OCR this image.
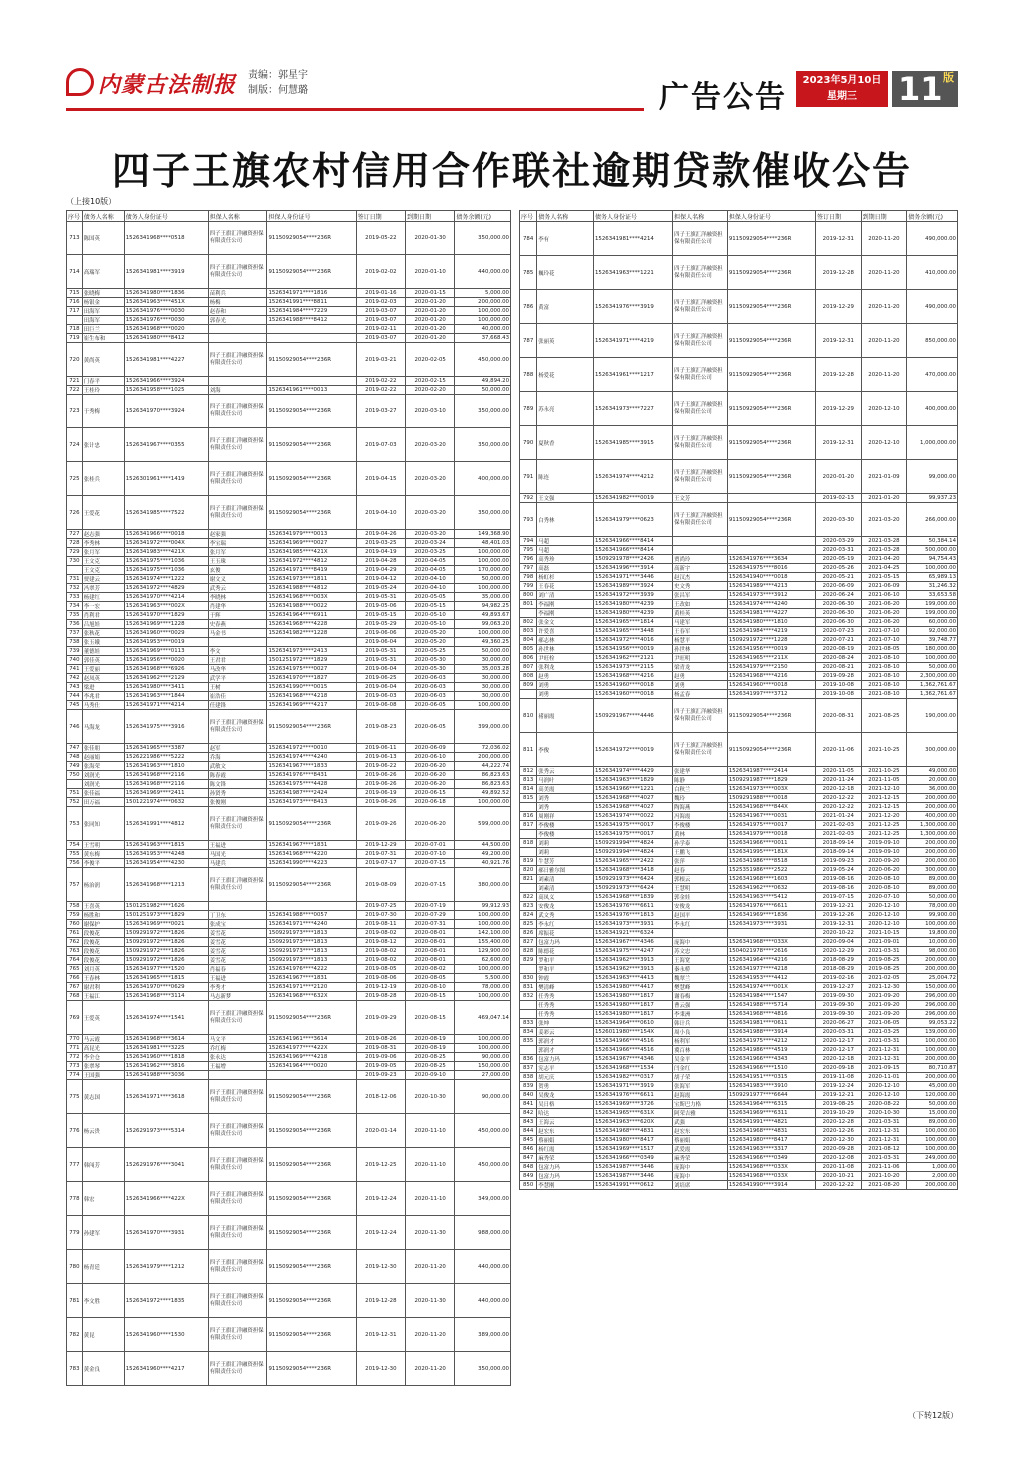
内蒙古法制报 责编：郭星宇
制版：何慧璐	广告公告	2023年5月10日
星期三	11 版
四子王旗农村信用合作联社逾期贷款催收公告
（上接10版）
序号	债务人名称	债务人身份证号	担保人名称	担保人身份证号	签订日期	到期日期	债务余额(元)
713	陈国英	1526341968****0518	四子王旗汇洋融资担保有限责任公司	91150929054****236R	2019-05-22	2020-01-30	350,000.00
714	高瑞军	1526341981****3919	四子王旗汇洋融资担保有限责任公司	91150929054****236R	2019-02-02	2020-01-10	440,000.00
715	张晓梅	1526341980****1836	苗利兵	1526341971****1816	2019-01-16	2020-01-15	5,000.00
716	杨银金	1526341963****451X	杨梅	1526341991****8811	2019-02-03	2020-01-20	200,000.00
717	田海军	1526341976****0030	赵春和	1526341984****7229	2019-03-07	2020-01-20	100,000.00
	田海军	1526341976****0030	郭春光	1526341988****8412	2019-03-07	2020-01-20	100,000.00
718	田巨兰	1526341968****0020			2019-02-11	2020-01-20	40,000.00
719	崔生布和	1526341980****8412			2019-03-07	2020-01-20	37,668.43
720	黄尚英	1526341981****4227	四子王旗汇洋融资担保有限责任公司	91150929054****236R	2019-03-21	2020-02-05	450,000.00
721	门春平	1526341966****3924			2019-02-22	2020-02-15	49,894.20
722	王桂玲	1526341958****1025	刘海	1526341961****0013	2019-02-22	2020-02-20	50,000.00
723	于秀梅	1526341970****3924	四子王旗汇洋融资担保有限责任公司	91150929054****236R	2019-03-27	2020-03-10	350,000.00
724	张计忠	1526341967****0355	四子王旗汇洋融资担保有限责任公司	91150929054****236R	2019-07-03	2020-03-20	350,000.00
725	张桂兵	1526301961****1419	四子王旗汇洋融资担保有限责任公司	91150929054****236R	2019-04-15	2020-03-20	400,000.00
726	王爱花	1526341985****7522	四子王旗汇洋融资担保有限责任公司	91150929054****236R	2019-04-10	2020-03-20	350,000.00
727	赵志强	1526341966****0018	赵家强	1526341979****0013	2019-04-26	2020-03-20	149,368.90
728	李秀林	1526341972****004X	李宝瑞	1526341969****0027	2019-03-25	2020-03-24	48,401.03
729	张月军	1526341983****421X	张月军	1526341985****421X	2019-04-19	2020-03-25	100,000.00
730	王文克	1526341975****1036	王玉珠	1526341972****4812	2019-04-28	2020-04-05	100,000.00
	王文克	1526341975****1036	玄俊	1526341971****8419	2019-04-29	2020-04-05	170,000.00
731	贾建云	1526341974****1222	谢文义	1526341973****1811	2019-04-12	2020-04-10	50,000.00
732	冯翠芳	1526341972****4829	武秀云	1526341988****4812	2019-05-24	2020-04-10	100,000.00
733	杨建红	1526341970****4214	李晓林	1526341968****003X	2019-05-31	2020-05-05	35,000.00
734	李一宏	1526341963****002X	肖建华	1526341988****0022	2019-05-06	2020-05-15	94,982.25
735	肖利君	1526341970****1829	于辉	1526341964****6911	2019-05-15	2020-05-10	49,893.67
736	吕旭娃	1526341969****1228	史春燕	1526341968****4228	2019-05-29	2020-05-10	99,063.20
737	张秋花	1526341960****0029	马金书	1526341982****1228	2019-06-06	2020-05-20	100,000.00
738	张玉娥	1526341953****0019			2019-06-04	2020-05-20	49,360.25
739	董德娃	1526341969****0113	李文	1526341973****2413	2019-05-31	2020-05-25	50,000.00
740	郭佳英	1526341956****0020	王君君	1501251972****1829	2019-05-31	2020-05-30	30,000.00
741	王爱丽	1526341968****6926	马改华	1526341975****0027	2019-06-04	2020-05-30	35,003.28
742	赵凤英	1526341962****2129	武学平	1526341970****1827	2019-06-25	2020-06-03	30,000.00
743	梁进	1526341980****3411	王树	1526341990****0015	2019-06-04	2020-06-03	30,000.00
744	李兆君	1526341963****1844	崔浩佳	1526341968****4218	2019-06-03	2020-06-03	30,000.00
745	马秀仕	1526341971****4214	任建锋	1526341969****4217	2019-06-08	2020-06-05	100,000.00
746	马海龙	1526341975****3916	四子王旗汇洋融资担保有限责任公司	91150929054****236R	2019-08-23	2020-06-05	399,000.00
747	张佳朋	1526341965****3387	赵军	1526341972****0010	2019-06-11	2020-06-09	72,036.02
748	赵丽娟	1526221986****5222	乔海	1526341974****4240	2019-06-13	2020-06-10	200,000.00
749	张海荣	1526341963****1810	武敏文	1526341967****1833	2019-06-22	2020-06-20	44,222.74
750	刘润光	1526341968****2116	陈春霞	1526341976****8431	2019-06-26	2020-06-20	86,823.63
	刘润光	1526341968****2116	陈文锋	1526341975****4428	2019-06-26	2020-06-20	86,823.63
751	张佳福	1526341969****2411	孙贤秀	1526341987****2424	2019-06-19	2020-06-15	49,892.52
752	田万福	1501221974****0632	张俊刚	1526341973****8413	2019-06-26	2020-06-18	100,000.00
753	张同知	1526341991****4812	四子王旗汇洋融资担保有限责任公司	91150929054****236R	2019-09-26	2020-06-20	599,000.00
754	王雪明	1526341963****1815	王福进	1526341967****1831	2019-12-29	2020-07-01	44,500.00
755	黄东梅	1526341953****4248	马国光	1526341968****4220	2019-07-31	2020-07-10	49,200.00
756	李俊平	1526341954****4230	马建兵	1526341990****4223	2019-07-17	2020-07-15	40,921.76
757	杨治润	1526341968****1213	四子王旗汇洋融资担保有限责任公司	91150929054****236R	2019-08-09	2020-07-15	380,000.00
758	王喜英	1501251982****1626			2019-07-25	2020-07-19	99,912.93
759	杨胜和	1501251973****1829	丁卫东	1526341988****0057	2019-07-30	2020-07-29	100,000.00
760	谢保护	1526341969****0021	张成宝	1526341971****4240	2019-08-11	2020-07-31	100,000.00
761	段俊花	1509291972****1826	姜雪花	1509291973****1813	2019-08-02	2020-08-01	142,100.00
762	段俊花	1509291972****1826	姜雪花	1509291973****1813	2019-08-12	2020-08-01	155,400.00
763	段俊花	1509291972****1826	姜雪花	1509291973****1813	2019-08-02	2020-08-01	129,900.00
764	段俊花	1509291972****1826	姜雪花	1509291973****1813	2019-08-02	2020-08-01	62,600.00
765	刘月英	1526341977****1520	肖福春	1526341976****4222	2019-08-05	2020-08-02	100,000.00
766	王春林	1526341965****1815	王福进	1526341967****1831	2019-08-06	2020-08-05	5,500.00
767	谢君利	1526341970****0629	李秀才	1526341971****2120	2019-12-19	2020-08-10	78,000.00
768	王福江	1526341968****3114	马志新梦	1526341968****632X	2019-08-28	2020-08-15	100,000.00
769	王爱英	1526341974****1541	四子王旗汇洋融资担保有限责任公司	91150929054****236R	2019-09-29	2020-08-15	469,047.14
770	马云霞	1526341968****3614	马文平	1526341961****3614	2019-08-26	2020-08-19	100,000.00
771	高昆光	1526341981****3225	乔红梅	1526341977****422X	2019-08-31	2020-08-19	100,000.00
772	李全仓	1526341960****1818	张永达	1526341969****4218	2019-09-06	2020-08-25	90,000.00
773	张翠琴	1526341962****3816	王福增	1526341964****0020	2019-09-05	2020-08-25	150,000.00
774	王国强	1526341988****3036			2019-09-23	2020-09-10	27,000.00
775	黄志国	1526341971****3618	四子王旗汇洋融资担保有限责任公司	91150929054****236R	2018-12-06	2020-10-30	90,000.00
776	杨云贵	1526291973****5314	四子王旗汇洋融资担保有限责任公司	91150929054****236R	2020-01-14	2020-11-10	450,000.00
777	韩闯芳	1526291976****3041	四子王旗汇洋融资担保有限责任公司	91150929054****236R	2019-12-25	2020-11-10	450,000.00
778	韩宏	1526341966****422X	四子王旗汇洋融资担保有限责任公司	91150929054****236R	2019-12-24	2020-11-10	349,000.00
779	孙建军	1526341970****3931	四子王旗汇洋融资担保有限责任公司	91150929054****236R	2019-12-24	2020-11-30	988,000.00
780	杨青廷	1526341979****1212	四子王旗汇洋融资担保有限责任公司	91150929054****236R	2019-12-30	2020-11-20	440,000.00
781	李文胜	1526341972****1835	四子王旗汇洋融资担保有限责任公司	91150929054****236R	2019-12-28	2020-11-30	440,000.00
782	黄昆	1526341960****1530	四子王旗汇洋融资担保有限责任公司	91150929054****236R	2019-12-31	2020-11-20	389,000.00
783	黄金良	1526341960****4217	四子王旗汇洋融资担保有限责任公司	91150929054****236R	2019-12-30	2020-11-20	350,000.00
序号	债务人名称	债务人身份证号	担保人名称	担保人身份证号	签订日期	到期日期	债务余额(元)
784	李有	1526341981****4214	四子王旗汇洋融资担保有限责任公司	91150929054****236R	2019-12-31	2020-11-20	490,000.00
785	巍玲花	1526341963****1221	四子王旗汇洋融资担保有限责任公司	91150929054****236R	2019-12-28	2020-11-20	410,000.00
786	黄富	1526341976****3919	四子王旗汇洋融资担保有限责任公司	91150929054****236R	2019-12-29	2020-11-20	490,000.00
787	张丽英	1526341971****4219	四子王旗汇洋融资担保有限责任公司	91150929054****236R	2019-12-31	2020-11-20	850,000.00
788	杨爱花	1526341961****1217	四子王旗汇洋融资担保有限责任公司	91150929054****236R	2019-12-28	2020-11-20	470,000.00
789	苏永亮	1526341973****7227	四子王旗汇洋融资担保有限责任公司	91150929054****236R	2019-12-29	2020-12-10	400,000.00
790	夏秋香	1526341985****3915	四子王旗汇洋融资担保有限责任公司	91150929054****236R	2019-12-31	2020-12-10	1,000,000.00
791	陈连	1526341974****4212	四子王旗汇洋融资担保有限责任公司	91150929054****236R	2020-01-20	2021-01-09	99,000.00
792	王文强	1526341982****0019	王文芳		2019-02-13	2021-01-20	99,937.23
793	白秀林	1526341979****0623	四子王旗汇洋融资担保有限责任公司	91150929054****236R	2020-03-30	2021-03-20	266,000.00
794	马超	1526341966****8414			2020-03-29	2021-03-28	50,384.14
795	马超	1526341966****8414			2020-03-31	2021-03-28	500,000.00
796	高秀珍	1509291978****2426	贾尚玲	1526341976****3634	2020-05-19	2021-04-20	94,754.43
797	高磊	1526341996****3914	高新宇	1526341975****8016	2020-05-26	2021-04-25	100,000.00
798	杨虹杉	1526341971****3446	赵汉杰	1526341940****0018	2020-05-21	2021-05-15	65,989.13
799	王春花	1526341989****3924	史文秀	1526341989****4213	2020-06-09	2021-06-09	31,246.32
800	刘广清	1526341972****3939	张昌军	1526341973****3912	2020-06-24	2021-06-10	33,653.58
801	李福刚	1526341980****4239	王改如	1526341974****4240	2020-06-30	2021-06-20	199,000.00
	李福刚	1526341980****4239	黄桂英	1526341981****4227	2020-06-30	2021-06-20	199,000.00
802	张金文	1526341965****1814	马建军	1526341980****1810	2020-06-30	2021-06-20	60,000.00
803	许爱喜	1526341965****3448	王春军	1526341984****4219	2020-07-23	2021-07-10	92,000.00
804	郝志林	1526341972****4016	杨慧平	1509291972****1228	2020-07-21	2021-07-10	39,748.77
805	孙世林	1526341956****0019	孙世林	1526341956****0019	2020-08-19	2021-08-05	180,000.00
806	尹旺栓	1526341962****2121	尹旺明	1526341965****211X	2020-08-24	2021-08-10	100,000.00
807	张利龙	1526341973****2115	梁青龙	1526341979****2150	2020-08-21	2021-08-10	50,000.00
808	赵勇	1526341968****4216	赵勇	1526341968****4216	2019-09-28	2021-08-10	2,300,000.00
809	刘勇	1526341960****0018	刘勇	1526341960****0018	2019-10-08	2021-08-10	1,362,761.67
	刘勇	1526341960****0018	杨孟春	1526341997****3712	2019-10-08	2021-08-10	1,362,761.67
810	褚丽霞	1509291967****4446	四子王旗汇洋融资担保有限责任公司	91150929054****236R	2020-08-31	2021-08-25	190,000.00
811	李俊	1526341972****0019	四子王旗汇洋融资担保有限责任公司	91150929054****236R	2020-11-06	2021-10-25	300,000.00
812	张秀云	1526341974****4429	张建华	1526341987****2414	2020-11-05	2021-10-25	49,000.00
813	马润叶	1526341963****1829	陈静	1509291987****1829	2020-11-24	2021-11-05	20,000.00
814	高美霞	1526341966****1221	白秋兰	1526341973****003X	2020-12-18	2021-12-10	36,000.00
815	刘秀	1526341968****4027	魏玲	1509291988****0018	2020-12-22	2021-12-15	200,000.00
	刘秀	1526341968****4027	陶海燕	1526341968****844X	2020-12-22	2021-12-15	200,000.00
816	周刚祥	1526341974****0022	冯海霞	1526341967****0031	2021-01-24	2021-12-20	400,000.00
817	李俊楼	1526341975****0017	李俊楼	1526341975****0017	2021-02-03	2021-12-25	1,300,000.00
	李俊楼	1526341975****0017	黄林	1526341979****0018	2021-02-03	2021-12-25	1,300,000.00
818	刘莉	1509291994****4824	孙学泰	1526341966****0011	2018-09-14	2019-09-10	200,000.00
	刘莉	1509291994****4824	王鹏飞	1526341995****181X	2018-09-14	2019-09-10	200,000.00
819	牛慧芳	1526341965****2422	张萍	1526341986****8518	2019-09-23	2020-09-20	200,000.00
820	郝日雅尔图	1526341968****3418	赵春	1525351986****2522	2019-05-24	2020-06-20	300,000.00
821	刘素清	1509291973****6424	郭根云	1526341968****1603	2019-08-16	2020-08-10	89,000.00
	刘素清	1509291973****6424	王慧明	1526341962****0632	2019-08-16	2020-08-10	89,000.00
822	高凤义	1526341968****1839	郭金娃	1526341963****5412	2019-07-15	2020-07-10	50,000.00
823	安俊龙	1526341976****6611	安俊龙	1526341976****6611	2019-12-21	2020-12-10	78,000.00
824	武文秀	1526341976****1813	赵国平	1526341969****1836	2019-12-26	2020-12-10	99,900.00
825	李永红	1526341973****3931	李永红	1526341973****3931	2019-12-31	2020-12-10	100,000.00
826	席振花	1526341921****6324			2020-10-22	2021-10-15	19,800.00
827	包富力玛	1526341967****4346	庞海中	1526341968****033X	2020-09-04	2021-09-01	10,000.00
828	陈德花	1526341975****4247	苏文忠	1504021978****2616	2020-12-29	2021-03-31	98,000.00
829	罗和平	1526341962****3913	王海宽	1526341964****4216	2018-08-29	2019-08-25	200,000.00
	罗和平	1526341962****3913	秦永桥	1526341977****4218	2018-08-29	2019-08-25	200,000.00
830	钟霞	1526341963****4413	魏翠兰	1526341953****4412	2019-02-16	2021-02-05	25,004.72
831	樊清峰	1526341980****4417	樊慧峰	1526341974****001X	2019-12-27	2021-12-30	150,000.00
832	任秀秀	1526341980****1817	谢春梅	1526341984****1547	2019-09-30	2021-09-20	296,000.00
	任秀秀	1526341980****1817	曹云强	1526341988****5714	2019-09-30	2021-09-20	296,000.00
	任秀秀	1526341980****1817	李秉洲	1526341968****4816	2019-09-30	2021-09-20	296,000.00
833	张坤	1526341964****0610	韩计兵	1526341981****0611	2020-06-27	2021-06-05	99,053.22
834	姜彩云	1526011980****154X	周小良	1526341988****3914	2020-03-31	2021-03-25	139,000.00
835	郭润才	1526341966****4516	杨利军	1526341975****4212	2020-12-17	2021-03-31	100,000.00
	郭润才	1526341966****4516	冀百林	1526341986****4519	2020-12-17	2021-12-31	100,000.00
836	包富力玛	1526341967****4346	吴金平	1526341966****4343	2020-12-18	2021-12-31	200,000.00
837	宪志平	1526341968****1534	闫金红	1526341966****1510	2020-09-18	2021-09-15	80,710.87
838	胡元庆	1526341982****0317	胡子荣	1526341951****0315	2019-11-08	2020-11-01	200,000.00
839	贺勇	1526341971****3919	张海军	1526341983****3910	2019-12-24	2020-12-10	45,000.00
840	吴俊龙	1526341976****6611	赵海霞	1509291977****6644	2019-12-21	2020-12-10	120,000.00
841	吴日格	1526341969****3726	宝斯巴力格	1526341964****6315	2019-08-25	2020-08-22	50,000.00
842	哈达	1526341965****631X	阿荣吉雅	1526341969****6311	2019-10-29	2020-10-30	15,000.00
843	王海云	1526341963****620X	武强	1526341991****4821	2020-12-28	2021-03-31	89,000.00
844	赵宏东	1526341968****4831	赵宏东	1526341968****4831	2020-12-26	2021-12-31	100,000.00
845	蔡丽娟	1526341980****8417	蔡丽娟	1526341980****8417	2020-12-30	2021-12-31	100,000.00
846	杨红霞	1526341969****1517	武爱霞	1526341963****3317	2020-09-28	2021-08-12	100,000.00
847	麻秀荣	1526341966****0349	麻秀荣	1526341966****0349	2020-12-08	2021-03-31	249,000.00
848	包富力玛	1526341987****3446	庞海中	1526341968****033X	2020-11-08	2021-11-06	1,000.00
849	包富力玛	1526341987****3446	庞海中	1526341968****033X	2020-10-21	2021-10-20	2,000.00
850	李慧刚	1526341991****0612	刘培席	1526341990****3914	2020-12-22	2021-08-20	200,000.00
（下转12版）
